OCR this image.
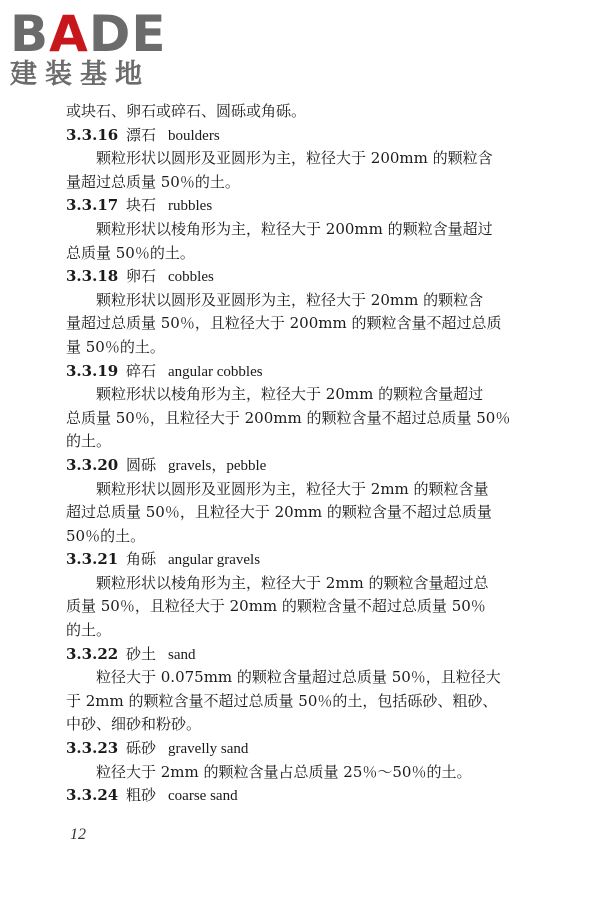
BADE
建装基地
或块石、卵石或碎石、圆砾或角砾。
3.3.16 漂石 boulders
颗粒形状以圆形及亚圆形为主，粒径大于 200mm 的颗粒含
量超过总质量 50％的土。
3.3.17 块石 rubbles
颗粒形状以棱角形为主，粒径大于 200mm 的颗粒含量超过
总质量 50％的土。
3.3.18 卵石 cobbles
颗粒形状以圆形及亚圆形为主，粒径大于 20mm 的颗粒含
量超过总质量 50％，且粒径大于 200mm 的颗粒含量不超过总质
量 50％的土。
3.3.19 碎石 angular cobbles
颗粒形状以棱角形为主，粒径大于 20mm 的颗粒含量超过
总质量 50％，且粒径大于 200mm 的颗粒含量不超过总质量 50％
的土。
3.3.20 圆砾 gravels，pebble
颗粒形状以圆形及亚圆形为主，粒径大于 2mm 的颗粒含量
超过总质量 50％，且粒径大于 20mm 的颗粒含量不超过总质量
50％的土。
3.3.21 角砾 angular gravels
颗粒形状以棱角形为主，粒径大于 2mm 的颗粒含量超过总
质量 50％，且粒径大于 20mm 的颗粒含量不超过总质量 50％
的土。
3.3.22 砂土 sand
粒径大于 0.075mm 的颗粒含量超过总质量 50％，且粒径大
于 2mm 的颗粒含量不超过总质量 50％的土，包括砾砂、粗砂、
中砂、细砂和粉砂。
3.3.23 砾砂 gravelly sand
粒径大于 2mm 的颗粒含量占总质量 25％～50％的土。
3.3.24 粗砂 coarse sand
12
